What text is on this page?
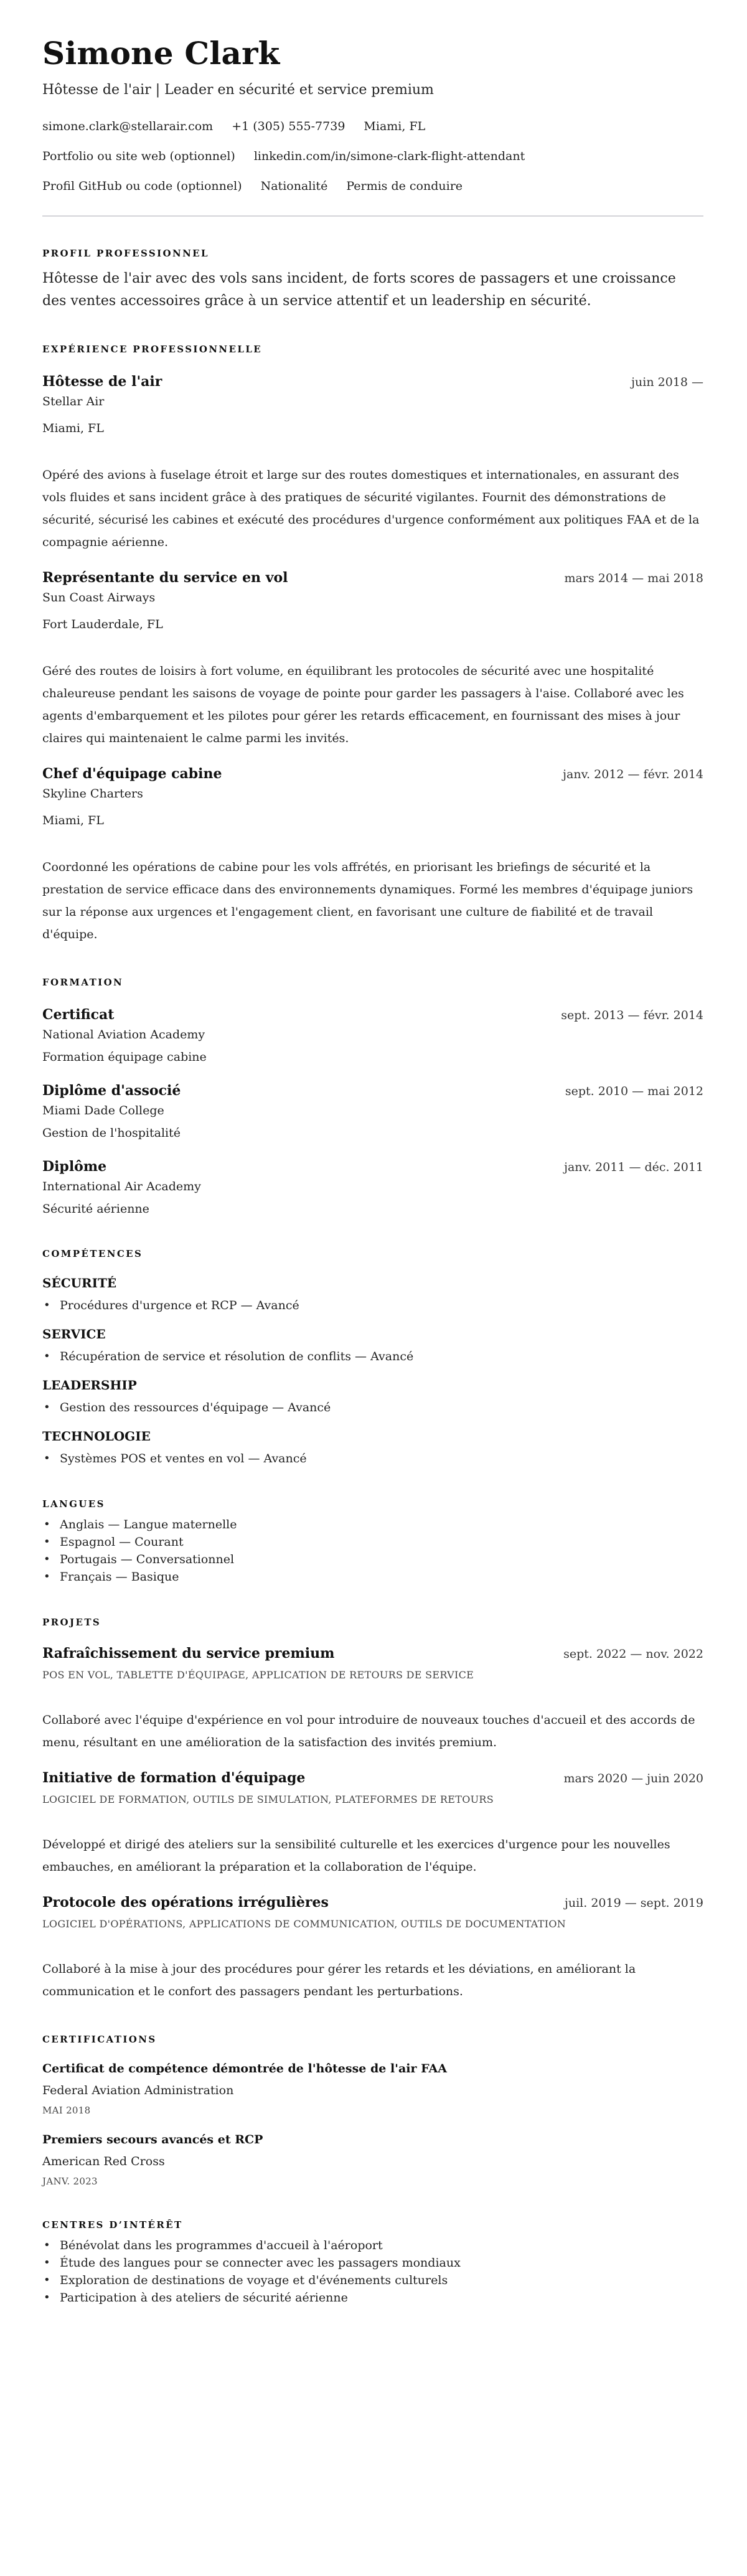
Simone Clark
Hôtesse de l'air | Leader en sécurité et service premium
simone.clark@stellarair.com +1 (305) 555-7739 Miami, FL
Portfolio ou site web (optionnel) linkedin.com/in/simone-clark-flight-attendant
Profil GitHub ou code (optionnel) Nationalité Permis de conduire
PROFIL PROFESSIONNEL

Hôtesse de l'air avec des vols sans incident, de forts scores de passagers et une croissance des ventes accessoires grâce à un service attentif et un leadership en sécurité.

EXPÉRIENCE PROFESSIONNELLE
Hôtesse de l'air	juin 2018 —
Stellar Air
Miami, FL

Opéré des avions à fuselage étroit et large sur des routes domestiques et internationales, en assurant des vols fluides et sans incident grâce à des pratiques de sécurité vigilantes. Fournit des démonstrations de sécurité, sécurisé les cabines et exécuté des procédures d'urgence conformément aux politiques FAA et de la compagnie aérienne.

Représentante du service en vol	mars 2014 — mai 2018
Sun Coast Airways
Fort Lauderdale, FL

Géré des routes de loisirs à fort volume, en équilibrant les protocoles de sécurité avec une hospitalité chaleureuse pendant les saisons de voyage de pointe pour garder les passagers à l'aise. Collaboré avec les agents d'embarquement et les pilotes pour gérer les retards efficacement, en fournissant des mises à jour claires qui maintenaient le calme parmi les invités.

Chef d'équipage cabine	janv. 2012 — févr. 2014
Skyline Charters
Miami, FL

Coordonné les opérations de cabine pour les vols affrétés, en priorisant les briefings de sécurité et la prestation de service efficace dans des environnements dynamiques. Formé les membres d'équipage juniors sur la réponse aux urgences et l'engagement client, en favorisant une culture de fiabilité et de travail d'équipe.

FORMATION
Certificat	sept. 2013 — févr. 2014
National Aviation Academy
Formation équipage cabine
Diplôme d'associé	sept. 2010 — mai 2012
Miami Dade College
Gestion de l'hospitalité
Diplôme	janv. 2011 — déc. 2011
International Air Academy
Sécurité aérienne
COMPÉTENCES
SÉCURITÉ
• Procédures d'urgence et RCP — Avancé
SERVICE
• Récupération de service et résolution de conflits — Avancé
LEADERSHIP
• Gestion des ressources d'équipage — Avancé
TECHNOLOGIE
• Systèmes POS et ventes en vol — Avancé
LANGUES
• Anglais — Langue maternelle
• Espagnol — Courant
• Portugais — Conversationnel
• Français — Basique
PROJETS
Rafraîchissement du service premium	sept. 2022 — nov. 2022
POS EN VOL, TABLETTE D'ÉQUIPAGE, APPLICATION DE RETOURS DE SERVICE

Collaboré avec l'équipe d'expérience en vol pour introduire de nouveaux touches d'accueil et des accords de menu, résultant en une amélioration de la satisfaction des invités premium.

Initiative de formation d'équipage	mars 2020 — juin 2020
LOGICIEL DE FORMATION, OUTILS DE SIMULATION, PLATEFORMES DE RETOURS

Développé et dirigé des ateliers sur la sensibilité culturelle et les exercices d'urgence pour les nouvelles embauches, en améliorant la préparation et la collaboration de l'équipe.

Protocole des opérations irrégulières	juil. 2019 — sept. 2019
LOGICIEL D'OPÉRATIONS, APPLICATIONS DE COMMUNICATION, OUTILS DE DOCUMENTATION

Collaboré à la mise à jour des procédures pour gérer les retards et les déviations, en améliorant la communication et le confort des passagers pendant les perturbations.

CERTIFICATIONS
Certificat de compétence démontrée de l'hôtesse de l'air FAA
Federal Aviation Administration
MAI 2018
Premiers secours avancés et RCP
American Red Cross
JANV. 2023
CENTRES D’INTÉRÊT
• Bénévolat dans les programmes d'accueil à l'aéroport
• Étude des langues pour se connecter avec les passagers mondiaux
• Exploration de destinations de voyage et d'événements culturels
• Participation à des ateliers de sécurité aérienne
